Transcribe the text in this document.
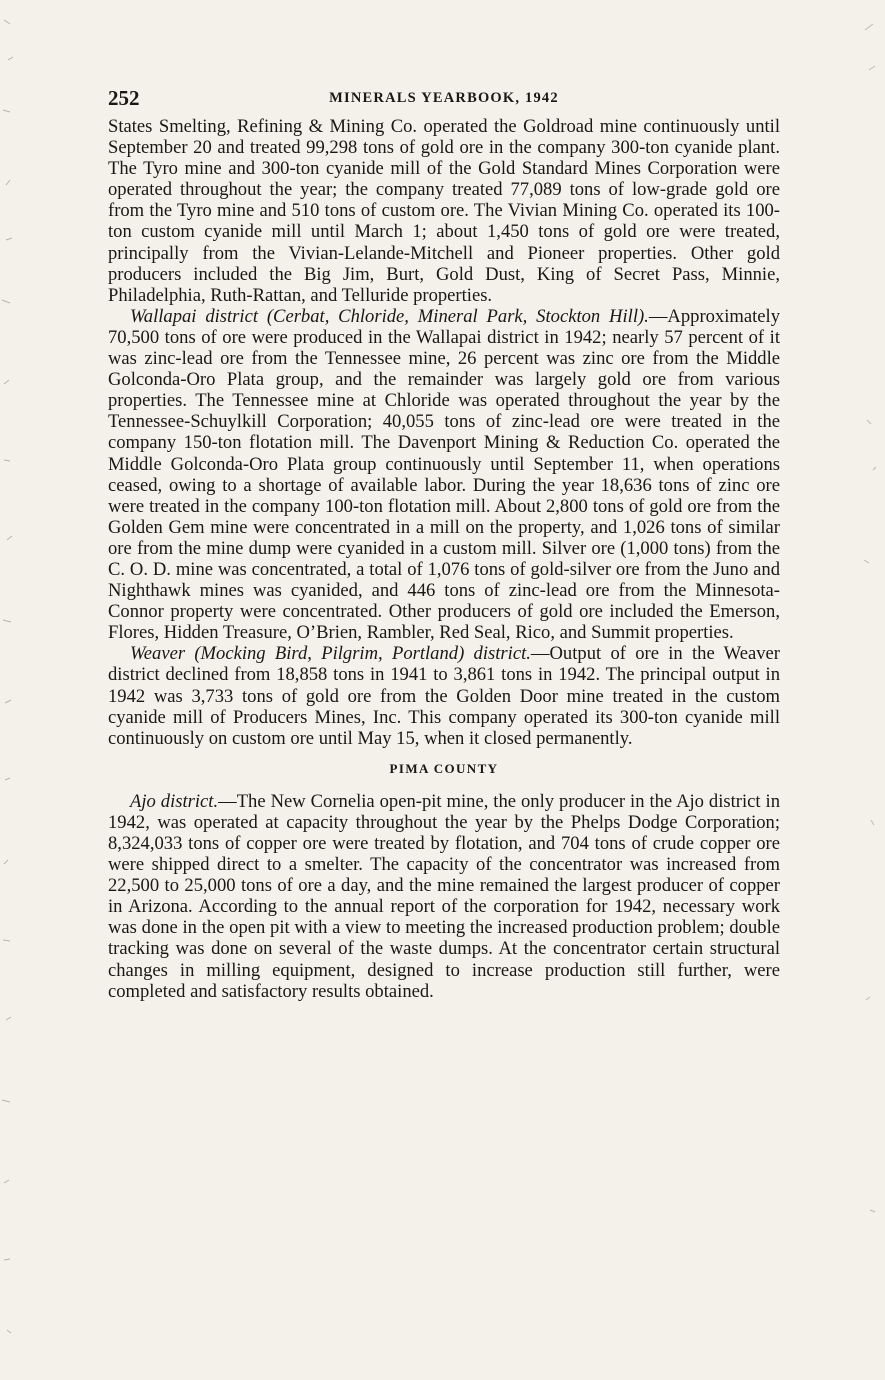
252	MINERALS YEARBOOK, 1942

States Smelting, Refining & Mining Co. operated the Goldroad mine continuously until September 20 and treated 99,298 tons of gold ore in the company 300-ton cyanide plant. The Tyro mine and 300-ton cyanide mill of the Gold Standard Mines Corporation were operated throughout the year; the company treated 77,089 tons of low-grade gold ore from the Tyro mine and 510 tons of custom ore. The Vivian Mining Co. operated its 100-ton custom cyanide mill until March 1; about 1,450 tons of gold ore were treated, principally from the Vivian-Lelande-Mitchell and Pioneer properties. Other gold producers included the Big Jim, Burt, Gold Dust, King of Secret Pass, Minnie, Philadelphia, Ruth-Rattan, and Telluride properties.

Wallapai district (Cerbat, Chloride, Mineral Park, Stockton Hill).—Approximately 70,500 tons of ore were produced in the Wallapai district in 1942; nearly 57 percent of it was zinc-lead ore from the Tennessee mine, 26 percent was zinc ore from the Middle Golconda-Oro Plata group, and the remainder was largely gold ore from various properties. The Tennessee mine at Chloride was operated throughout the year by the Tennessee-Schuylkill Corporation; 40,055 tons of zinc-lead ore were treated in the company 150-ton flotation mill. The Davenport Mining & Reduction Co. operated the Middle Golconda-Oro Plata group continuously until September 11, when operations ceased, owing to a shortage of available labor. During the year 18,636 tons of zinc ore were treated in the company 100-ton flotation mill. About 2,800 tons of gold ore from the Golden Gem mine were concentrated in a mill on the property, and 1,026 tons of similar ore from the mine dump were cyanided in a custom mill. Silver ore (1,000 tons) from the C. O. D. mine was concentrated, a total of 1,076 tons of gold-silver ore from the Juno and Nighthawk mines was cyanided, and 446 tons of zinc-lead ore from the Minnesota-Connor property were concentrated. Other producers of gold ore included the Emerson, Flores, Hidden Treasure, O’Brien, Rambler, Red Seal, Rico, and Summit properties.

Weaver (Mocking Bird, Pilgrim, Portland) district.—Output of ore in the Weaver district declined from 18,858 tons in 1941 to 3,861 tons in 1942. The principal output in 1942 was 3,733 tons of gold ore from the Golden Door mine treated in the custom cyanide mill of Producers Mines, Inc. This company operated its 300-ton cyanide mill continuously on custom ore until May 15, when it closed permanently.

PIMA COUNTY

Ajo district.—The New Cornelia open-pit mine, the only producer in the Ajo district in 1942, was operated at capacity throughout the year by the Phelps Dodge Corporation; 8,324,033 tons of copper ore were treated by flotation, and 704 tons of crude copper ore were shipped direct to a smelter. The capacity of the concentrator was increased from 22,500 to 25,000 tons of ore a day, and the mine remained the largest producer of copper in Arizona. According to the annual report of the corporation for 1942, necessary work was done in the open pit with a view to meeting the increased production problem; double tracking was done on several of the waste dumps. At the concentrator certain structural changes in milling equipment, designed to increase production still further, were completed and satisfactory results obtained.
